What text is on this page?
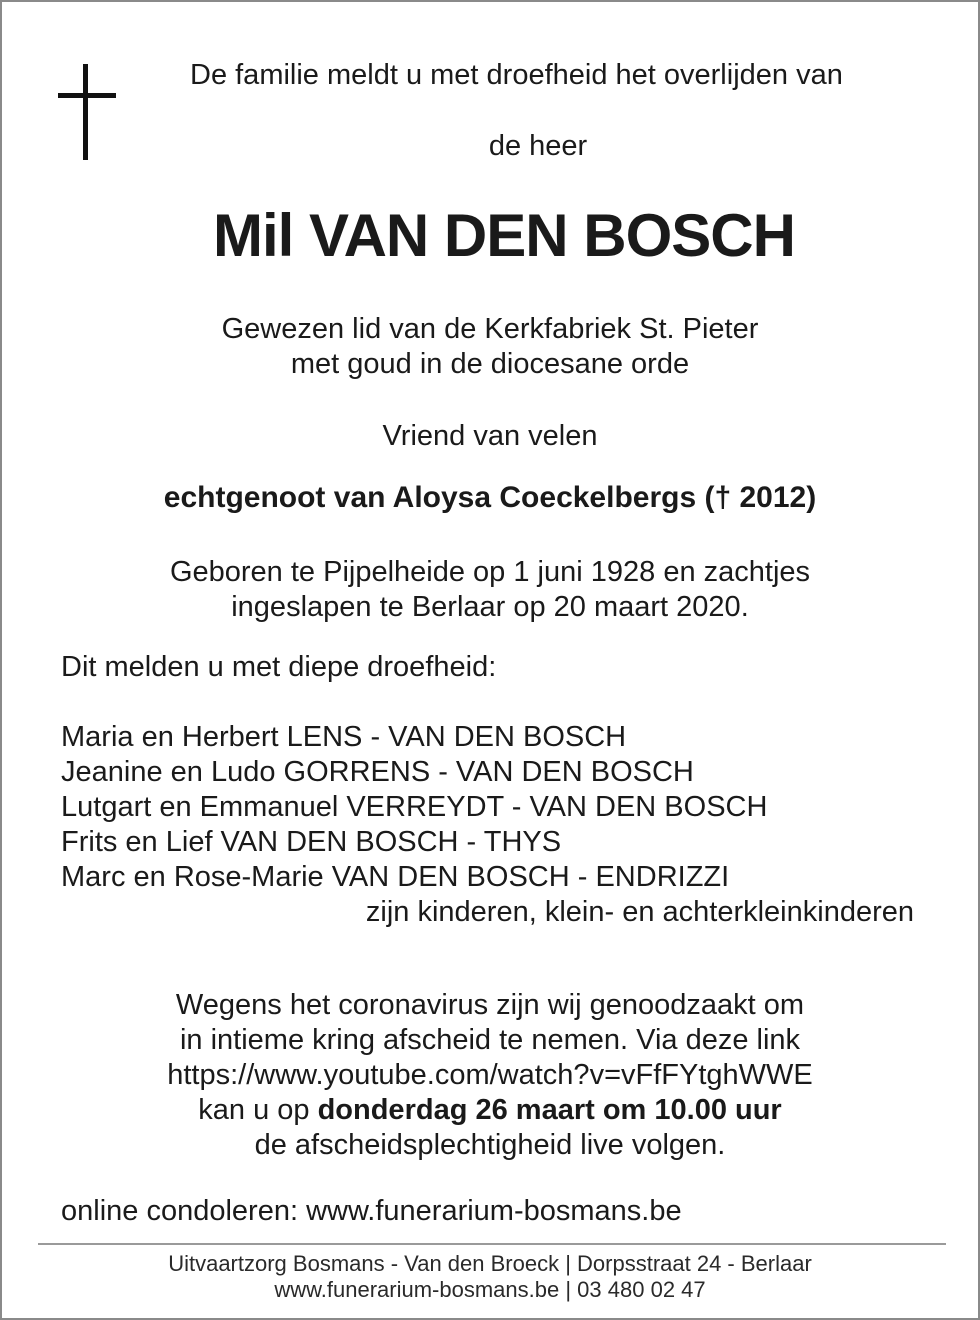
De familie meldt u met droefheid het overlijden van
de heer
Mil VAN DEN BOSCH
Gewezen lid van de Kerkfabriek St. Pieter
met goud in de diocesane orde
Vriend van velen
echtgenoot van Aloysa Coeckelbergs († 2012)
Geboren te Pijpelheide op 1 juni 1928 en zachtjes
ingeslapen te Berlaar op 20 maart 2020.
Dit melden u met diepe droefheid:
Maria en Herbert LENS - VAN DEN BOSCH
Jeanine en Ludo GORRENS - VAN DEN BOSCH
Lutgart en Emmanuel VERREYDT - VAN DEN BOSCH
Frits en Lief VAN DEN BOSCH - THYS
Marc en Rose-Marie VAN DEN BOSCH - ENDRIZZI
zijn kinderen, klein- en achterkleinkinderen
Wegens het coronavirus zijn wij genoodzaakt om
in intieme kring afscheid te nemen. Via deze link
https://www.youtube.com/watch?v=vFfFYtghWWE
kan u op donderdag 26 maart om 10.00 uur
de afscheidsplechtigheid live volgen.
online condoleren: www.funerarium-bosmans.be
Uitvaartzorg Bosmans - Van den Broeck | Dorpsstraat 24 - Berlaar
www.funerarium-bosmans.be | 03 480 02 47
